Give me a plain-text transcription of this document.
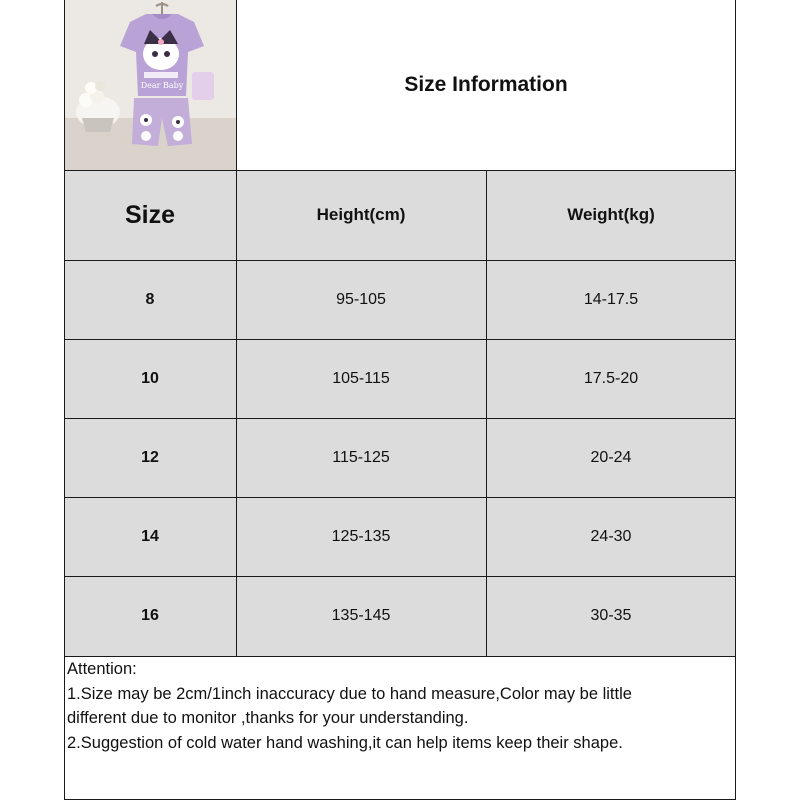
Dear Baby	Size Information
Size	Height(cm)	Weight(kg)
8	95-105	14-17.5
10	105-115	17.5-20
12	115-125	20-24
14	125-135	24-30
16	135-145	30-35
Attention:
1.Size may be 2cm/1inch inaccuracy due to hand measure,Color may be little
different due to monitor ,thanks for your understanding.
2.Suggestion of cold water hand washing,it can help items keep their shape.
